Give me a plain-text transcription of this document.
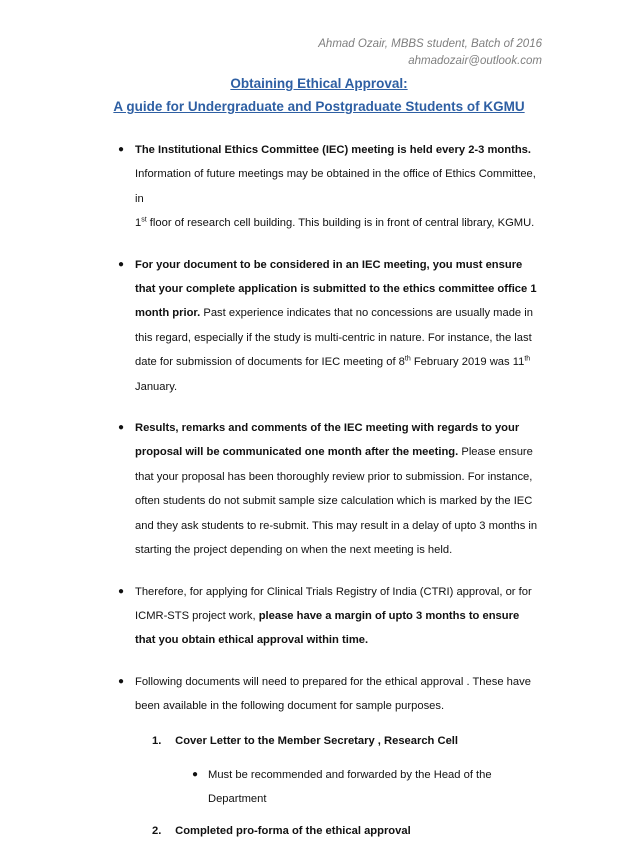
Ahmad Ozair, MBBS student, Batch of 2016
ahmadozair@outlook.com
Obtaining Ethical Approval:
A guide for Undergraduate and Postgraduate Students of KGMU
● The Institutional Ethics Committee (IEC) meeting is held every 2-3 months.
Information of future meetings may be obtained in the office of Ethics Committee, in
1st floor of research cell building. This building is in front of central library, KGMU.
● For your document to be considered in an IEC meeting, you must ensure that your complete application is submitted to the ethics committee office 1 month prior. Past experience indicates that no concessions are usually made in this regard, especially if the study is multi-centric in nature. For instance, the last date for submission of documents for IEC meeting of 8th February 2019 was 11th January.
● Results, remarks and comments of the IEC meeting with regards to your proposal will be communicated one month after the meeting. Please ensure that your proposal has been thoroughly review prior to submission. For instance, often students do not submit sample size calculation which is marked by the IEC and they ask students to re-submit. This may result in a delay of upto 3 months in starting the project depending on when the next meeting is held.
● Therefore, for applying for Clinical Trials Registry of India (CTRI) approval, or for ICMR-STS project work, please have a margin of upto 3 months to ensure that you obtain ethical approval within time.
● Following documents will need to prepared for the ethical approval . These have been available in the following document for sample purposes.
1. Cover Letter to the Member Secretary , Research Cell
● Must be recommended and forwarded by the Head of the Department
2. Completed pro-forma of the ethical approval
